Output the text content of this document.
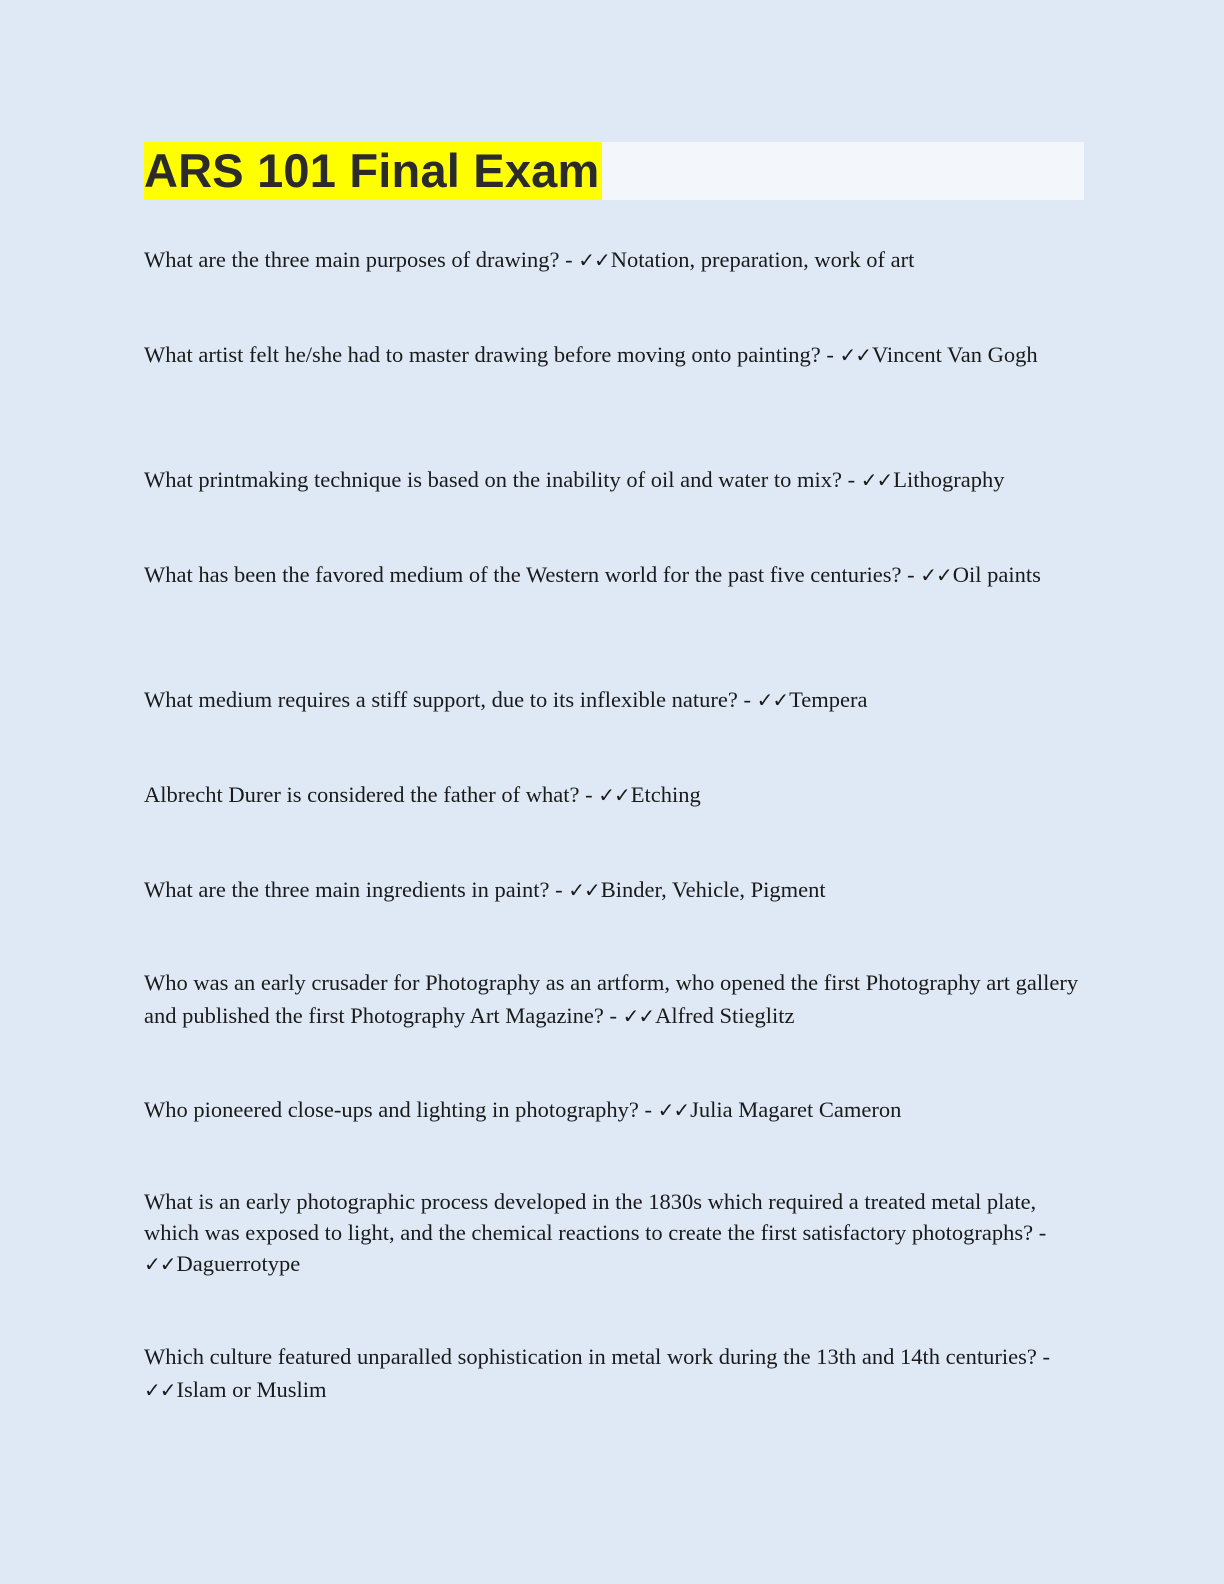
ARS 101 Final Exam

What are the three main purposes of drawing? - ✓✓Notation, preparation, work of art

What artist felt he/she had to master drawing before moving onto painting? - ✓✓Vincent Van Gogh

What printmaking technique is based on the inability of oil and water to mix? - ✓✓Lithography

What has been the favored medium of the Western world for the past five centuries? - ✓✓Oil paints

What medium requires a stiff support, due to its inflexible nature? - ✓✓Tempera

Albrecht Durer is considered the father of what? - ✓✓Etching

What are the three main ingredients in paint? - ✓✓Binder, Vehicle, Pigment

Who was an early crusader for Photography as an artform, who opened the first Photography art gallery and published the first Photography Art Magazine? - ✓✓Alfred Stieglitz

Who pioneered close-ups and lighting in photography? - ✓✓Julia Magaret Cameron

What is an early photographic process developed in the 1830s which required a treated metal plate, which was exposed to light, and the chemical reactions to create the first satisfactory photographs? - ✓✓Daguerrotype

Which culture featured unparalled sophistication in metal work during the 13th and 14th centuries? - ✓✓Islam or Muslim
